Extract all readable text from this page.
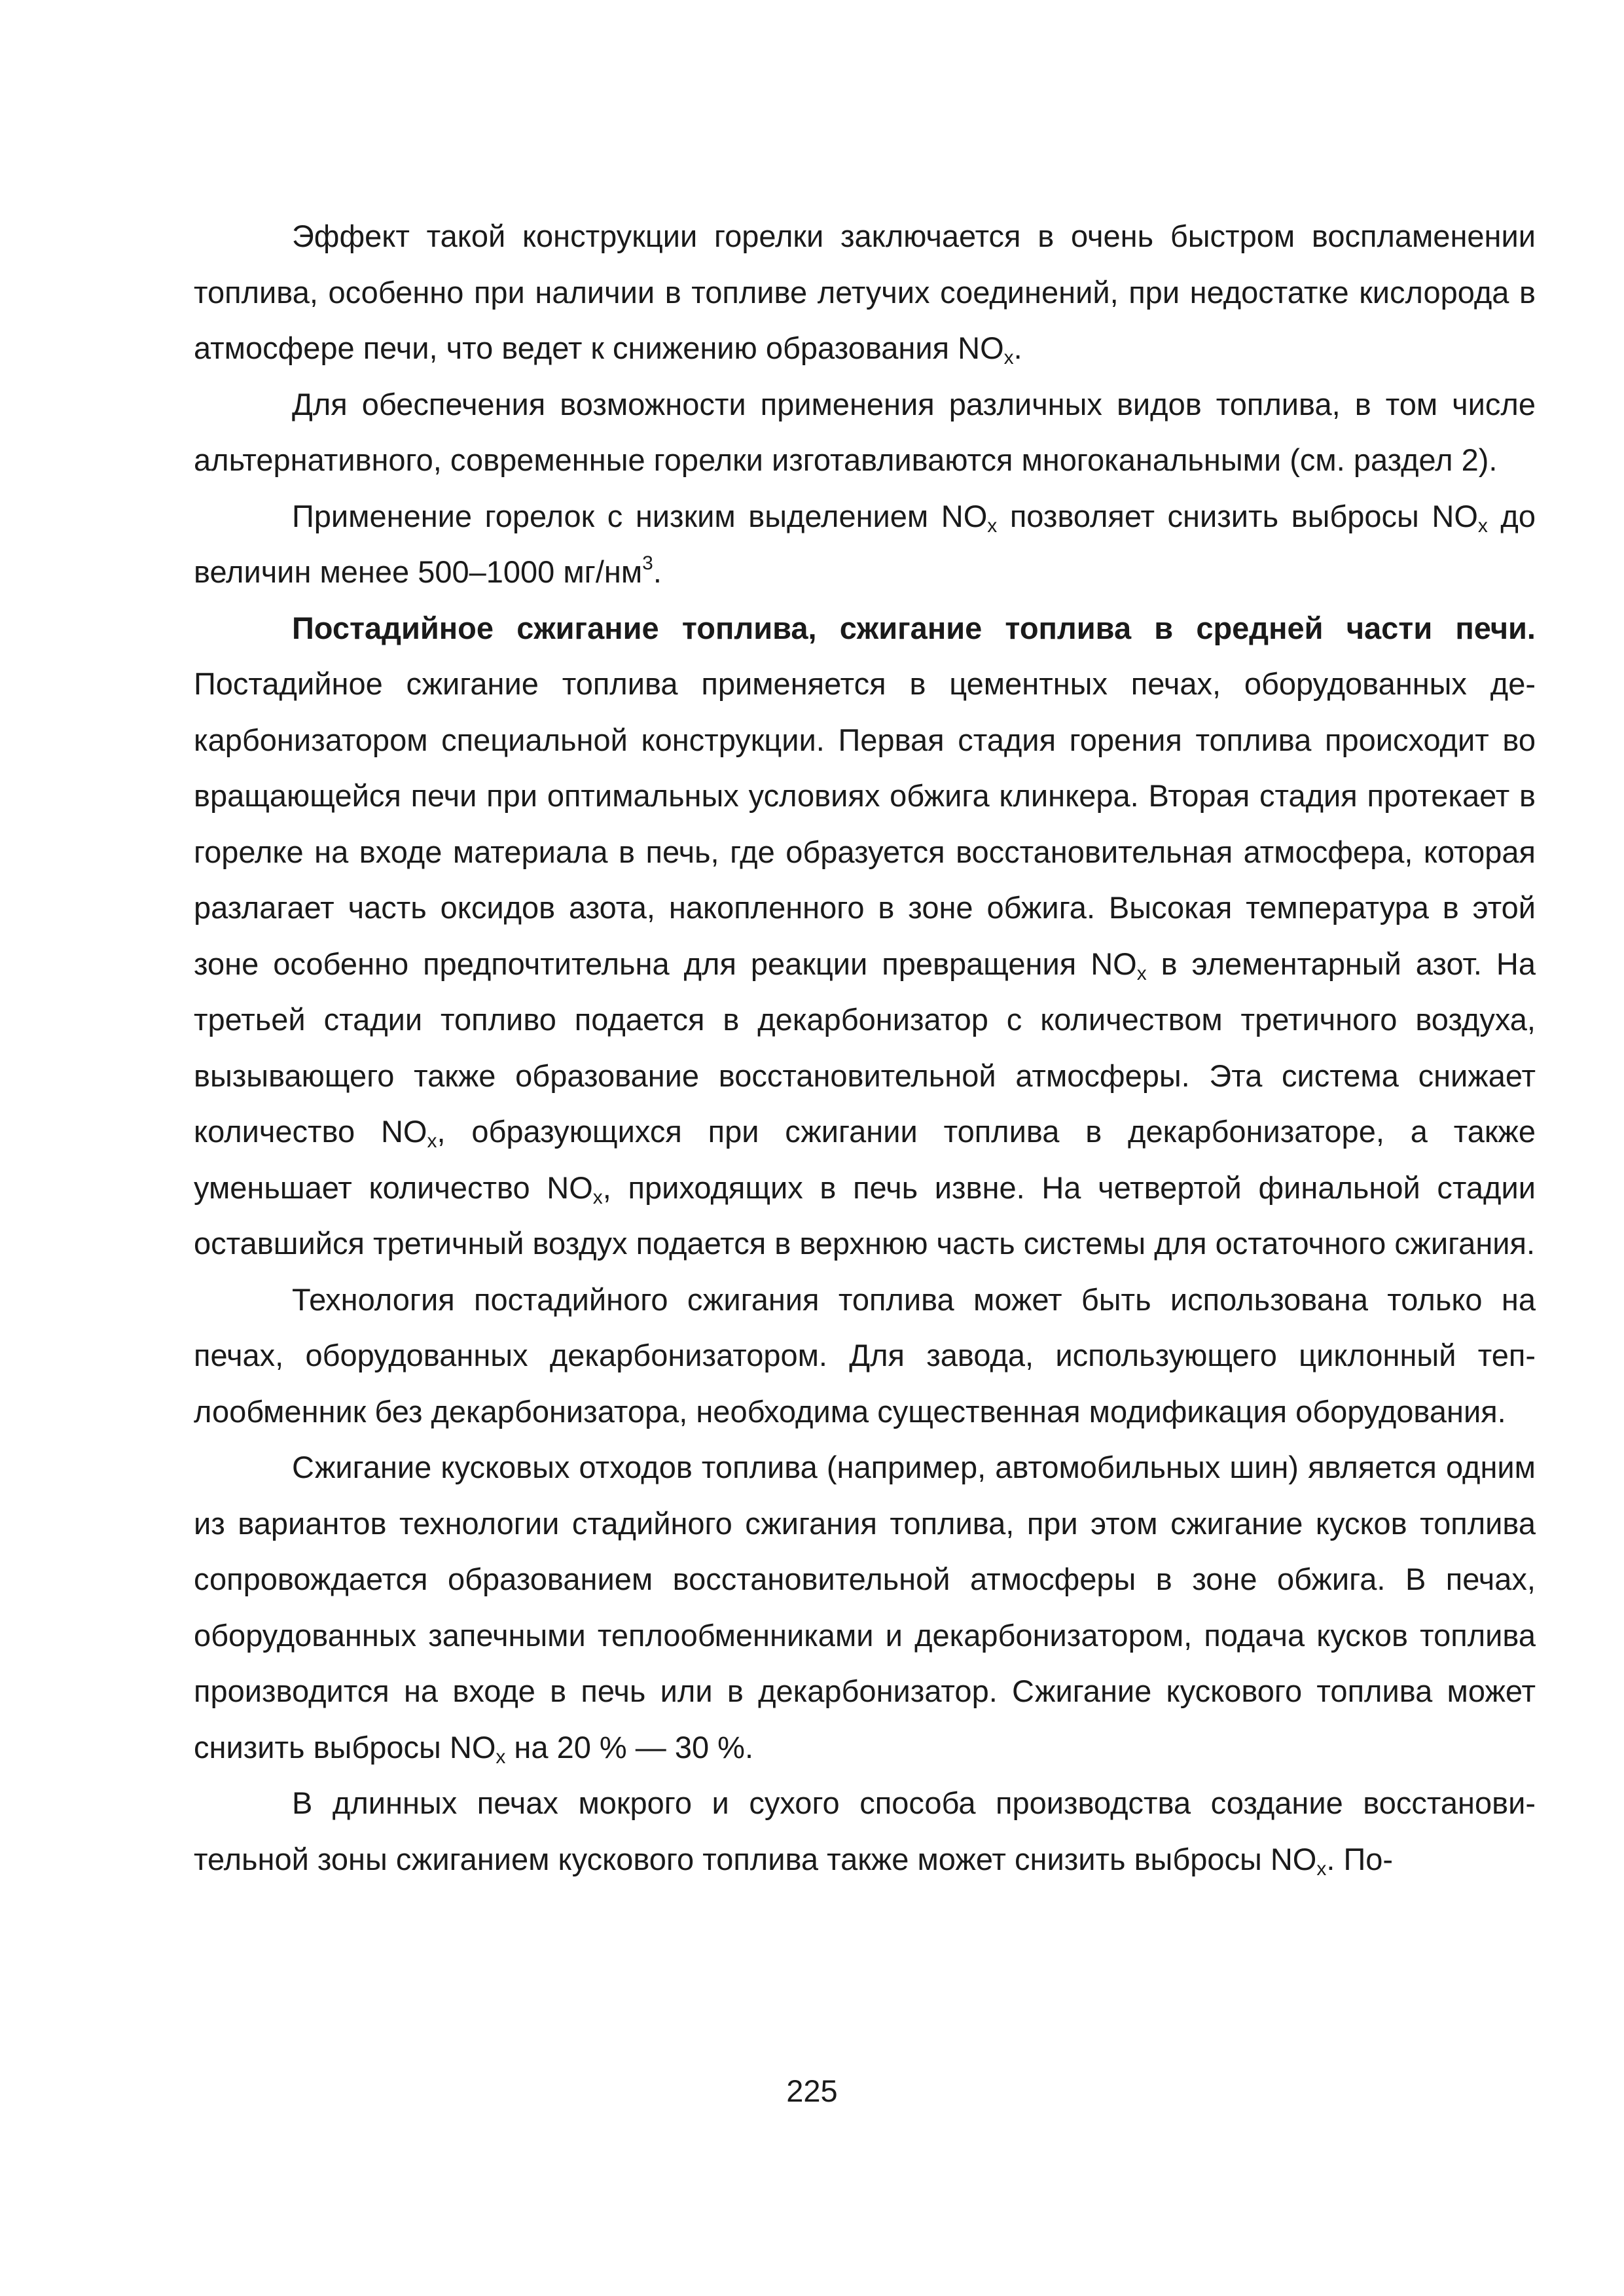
Эффект такой конструкции горелки заключается в очень быстром воспламенении топлива, особенно при наличии в топливе летучих соединений, при недостатке кислорода в атмосфере печи, что ведет к снижению образования $NO_x$.

Для обеспечения возможности применения различных видов топлива, в том числе альтернативного, современные горелки изготавливаются многоканальными (см. раздел 2).

Применение горелок с низким выделением $NO_x$ позволяет снизить выбросы $NO_x$ до величин менее 500–1000 $мг/нм^3$.

Постадийное сжигание топлива, сжигание топлива в средней части печи. Постадийное сжигание топлива применяется в цементных печах, оборудованных декарбонизатором специальной конструкции. Первая стадия горения топлива происходит во вращающейся печи при оптимальных условиях обжига клинкера. Вторая стадия протекает в горелке на входе материала в печь, где образуется восстановительная атмосфера, которая разлагает часть оксидов азота, накопленного в зоне обжига. Высокая температура в этой зоне особенно предпочтительна для реакции превращения $NO_x$ в элементарный азот. На третьей стадии топливо подается в декарбонизатор с количеством третичного воздуха, вызывающего также образование восстановительной атмосферы. Эта система снижает количество $NO_x$, образующихся при сжигании топлива в декарбонизаторе, а также уменьшает количество $NO_x$, приходящих в печь извне. На четвертой финальной стадии оставшийся третичный воздух подается в верхнюю часть системы для остаточного сжигания.

Технология постадийного сжигания топлива может быть использована только на печах, оборудованных декарбонизатором. Для завода, использующего циклонный теплообменник без декарбонизатора, необходима существенная модификация оборудования.

Сжигание кусковых отходов топлива (например, автомобильных шин) является одним из вариантов технологии стадийного сжигания топлива, при этом сжигание кусков топлива сопровождается образованием восстановительной атмосферы в зоне обжига. В печах, оборудованных запечными теплообменниками и декарбонизатором, подача кусков топлива производится на входе в печь или в декарбонизатор. Сжигание кускового топлива может снизить выбросы $NO_x$ на 20 % — 30 %.

В длинных печах мокрого и сухого способа производства создание восстановительной зоны сжиганием кускового топлива также может снизить выбросы $NO_x$. По-

225
